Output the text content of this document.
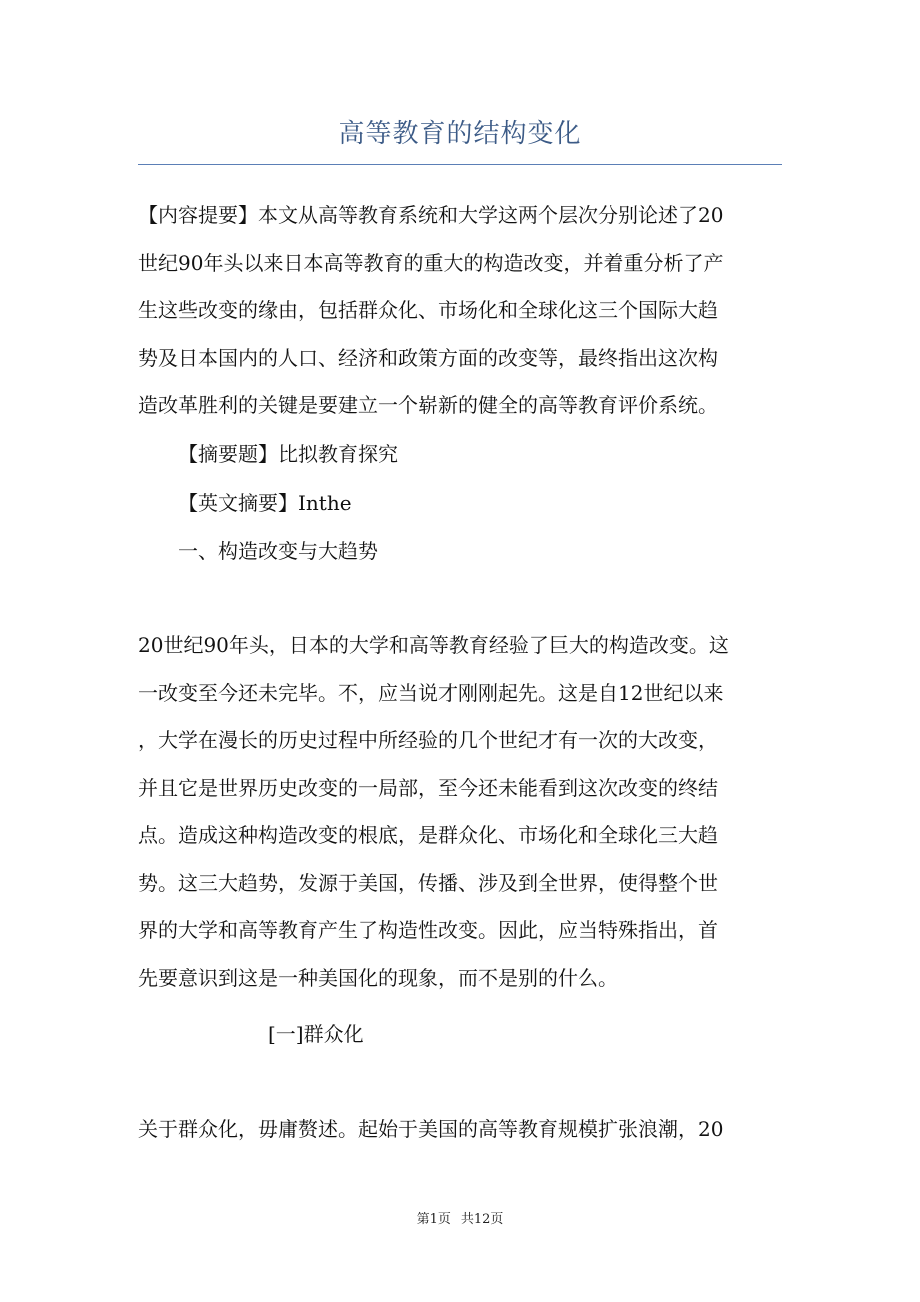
高等教育的结构变化
【内容提要】本文从高等教育系统和大学这两个层次分别论述了20
世纪90年头以来日本高等教育的重大的构造改变，并着重分析了产
生这些改变的缘由，包括群众化、市场化和全球化这三个国际大趋
势及日本国内的人口、经济和政策方面的改变等，最终指出这次构
造改革胜利的关键是要建立一个崭新的健全的高等教育评价系统。
【摘要题】比拟教育探究
【英文摘要】Inthe
一、构造改变与大趋势
20世纪90年头，日本的大学和高等教育经验了巨大的构造改变。这
一改变至今还未完毕。不，应当说才刚刚起先。这是自12世纪以来
，大学在漫长的历史过程中所经验的几个世纪才有一次的大改变，
并且它是世界历史改变的一局部，至今还未能看到这次改变的终结
点。造成这种构造改变的根底，是群众化、市场化和全球化三大趋
势。这三大趋势，发源于美国，传播、涉及到全世界，使得整个世
界的大学和高等教育产生了构造性改变。因此，应当特殊指出，首
先要意识到这是一种美国化的现象，而不是别的什么。
[一]群众化
关于群众化，毋庸赘述。起始于美国的高等教育规模扩张浪潮，20
第1页 共12页
